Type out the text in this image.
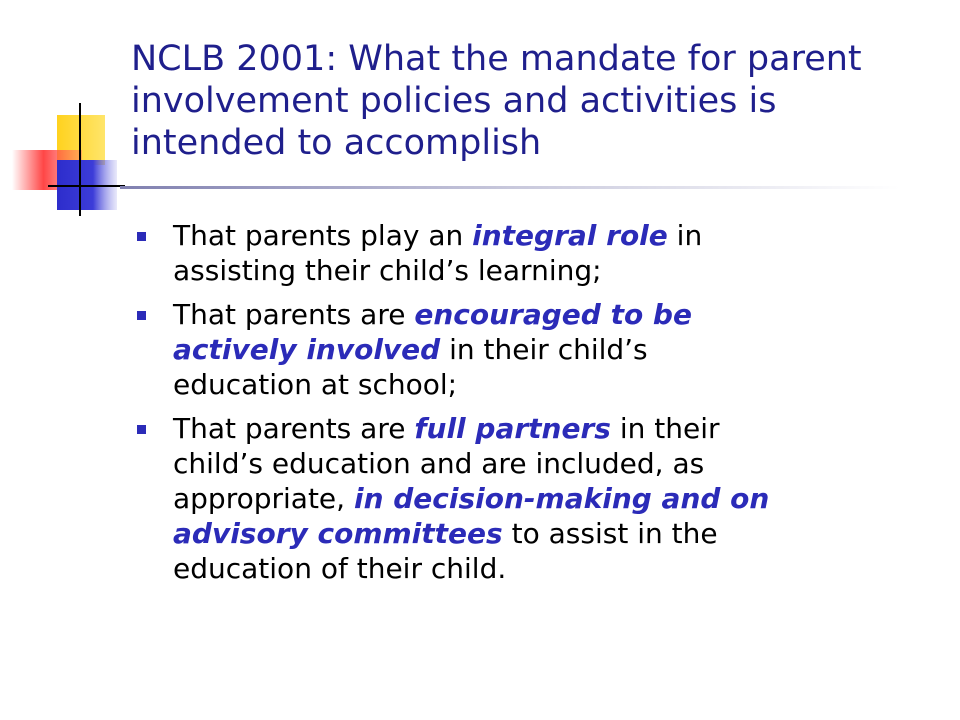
NCLB 2001: What the mandate for parent
involvement policies and activities is
intended to accomplish
That parents play an integral role in
assisting their child’s learning;
That parents are encouraged to be
actively involved in their child’s
education at school;
That parents are full partners in their
child’s education and are included, as
appropriate, in decision-making and on
advisory committees to assist in the
education of their child.
